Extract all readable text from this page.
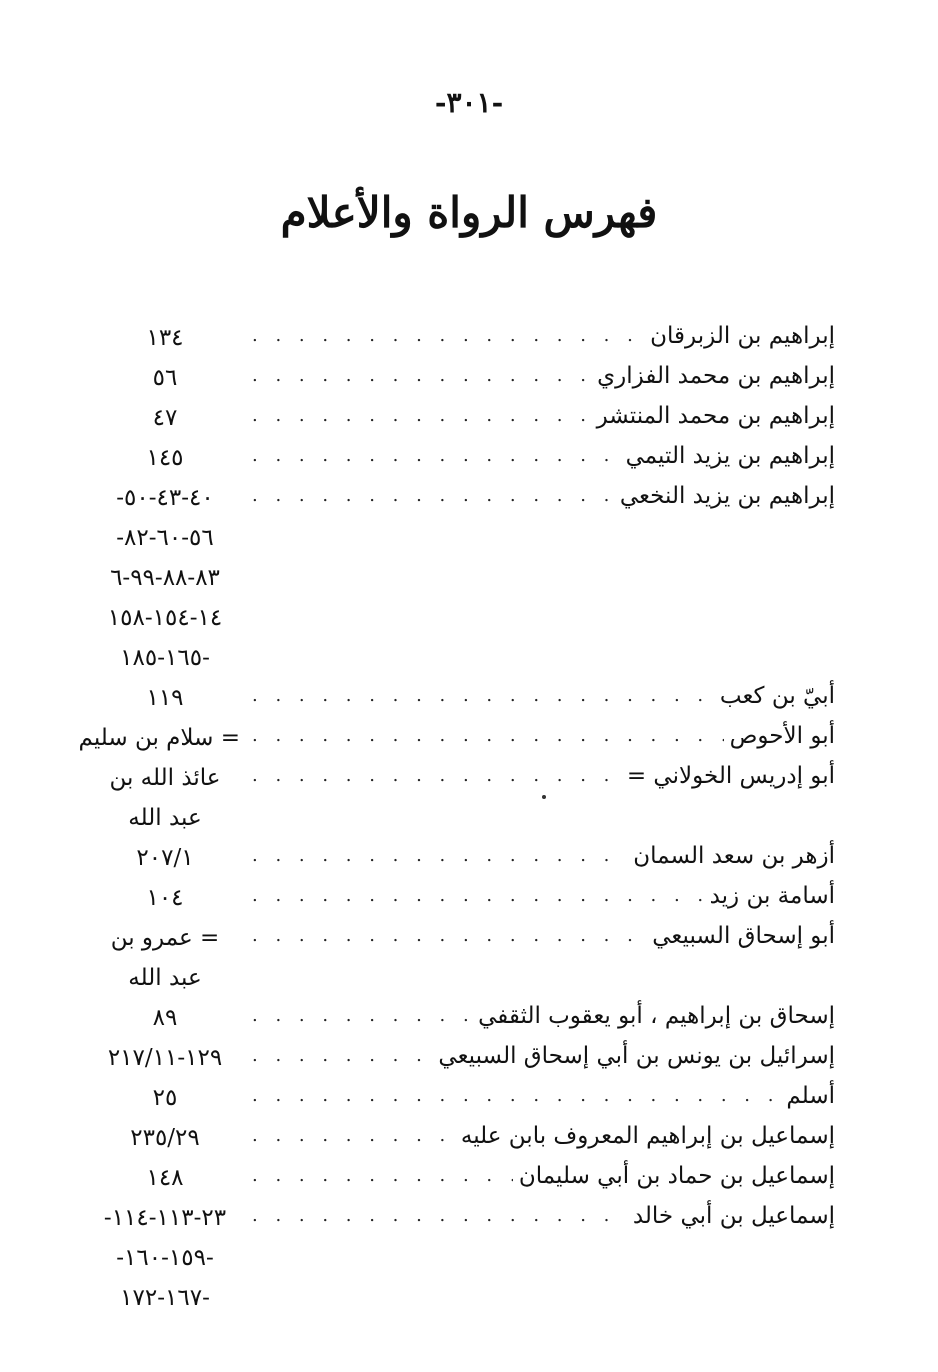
-٣٠١-
فهرس الرواة والأعلام
إبراهيم بن الزبرقان
. . .
١٣٤
إبراهيم بن محمد الفزاري
. . .
٥٦
إبراهيم بن محمد المنتشر
. . .
٤٧
إبراهيم بن يزيد التيمي
. . .
١٤٥
إبراهيم بن يزيد النخعي
. . .
٤٠-٤٣-٥٠-
٥٦-٦٠-٨٢-
٨٣-٨٨-٩٩-٦
١٤-١٥٤-١٥٨
-١٦٥-١٨٥
أبيّ بن كعب
. . .
١١٩
أبو الأحوص
. . .
= سلام بن سليم
أبو إدريس الخولاني =
. . .
عائذ الله بن
عبد الله
أزهر بن سعد السمان
. . .
٢٠٧/١
أسامة بن زيد
. . .
١٠٤
أبو إسحاق السبيعي
. . .
= عمرو بن
عبد الله
إسحاق بن إبراهيم ، أبو يعقوب الثقفي
. . .
٨٩
إسرائيل بن يونس بن أبي إسحاق السبيعي
. . .
١٢٩-٢١٧/١١
أسلم
. . .
٢٥
إسماعيل بن إبراهيم المعروف بابن عليه
. . .
٢٣٥/٢٩
إسماعيل بن حماد بن أبي سليمان
. . .
١٤٨
إسماعيل بن أبي خالد
. . .
٢٣-١١٣-١١٤-
-١٥٩-١٦٠-
-١٦٧-١٧٢
